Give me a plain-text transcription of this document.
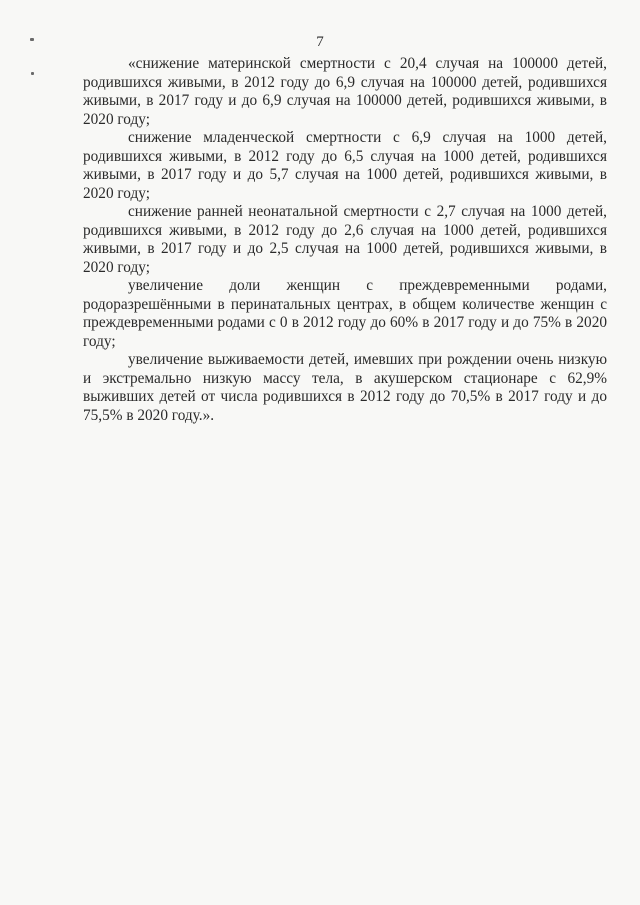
7

«снижение материнской смертности с 20,4 случая на 100000 детей, родившихся живыми, в 2012 году до 6,9 случая на 100000 детей, родившихся живыми, в 2017 году и до 6,9 случая на 100000 детей, родившихся живыми, в 2020 году;

снижение младенческой смертности с 6,9 случая на 1000 детей, родившихся живыми, в 2012 году до 6,5 случая на 1000 детей, родившихся живыми, в 2017 году и до 5,7 случая на 1000 детей, родившихся живыми, в 2020 году;

снижение ранней неонатальной смертности с 2,7 случая на 1000 детей, родившихся живыми, в 2012 году до 2,6 случая на 1000 детей, родившихся живыми, в 2017 году и до 2,5 случая на 1000 детей, родившихся живыми, в 2020 году;

увеличение доли женщин с преждевременными родами, родоразрешёнными в перинатальных центрах, в общем количестве женщин с преждевременными родами с 0 в 2012 году до 60% в 2017 году и до 75% в 2020 году;

увеличение выживаемости детей, имевших при рождении очень низкую и экстремально низкую массу тела, в акушерском стационаре с 62,9% выживших детей от числа родившихся в 2012 году до 70,5% в 2017 году и до 75,5% в 2020 году.».
